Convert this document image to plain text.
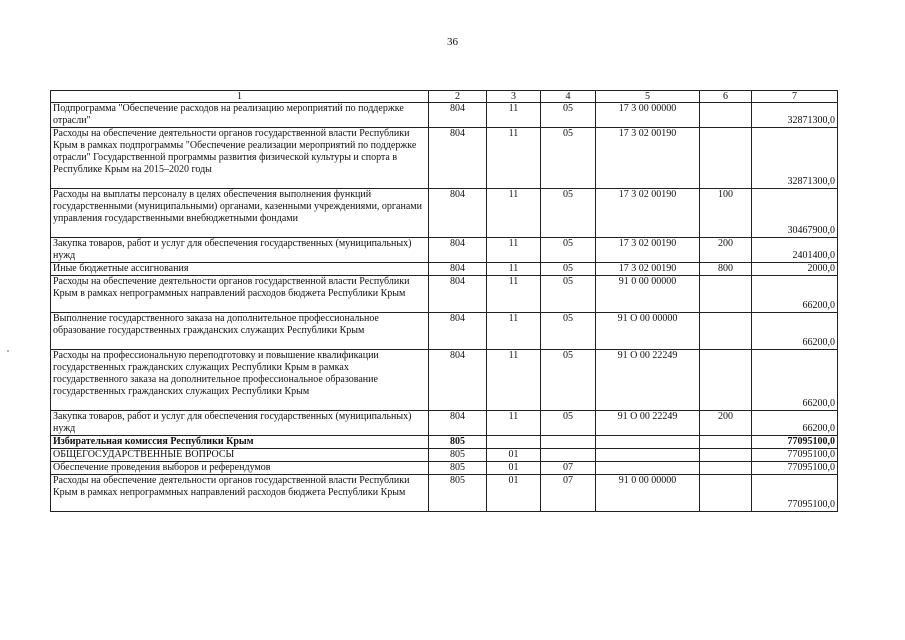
36
1	2	3	4	5	6	7
Подпрограмма "Обеспечение расходов на реализацию мероприятий по поддержке отрасли"	804	11	05	17 3 00 00000		32871300,0
Расходы на обеспечение деятельности органов государственной власти Республики Крым в рамках подпрограммы "Обеспечение реализации мероприятий по поддержке отрасли" Государственной программы развития физической культуры и спорта в Республике Крым на 2015–2020 годы	804	11	05	17 3 02 00190		32871300,0
Расходы на выплаты персоналу в целях обеспечения выполнения функций государственными (муниципальными) органами, казенными учреждениями, органами управления государственными внебюджетными фондами	804	11	05	17 3 02 00190	100	30467900,0
Закупка товаров, работ и услуг для обеспечения государственных (муниципальных) нужд	804	11	05	17 3 02 00190	200	2401400,0
Иные бюджетные ассигнования	804	11	05	17 3 02 00190	800	2000,0
Расходы на обеспечение деятельности органов государственной власти Республики Крым в рамках непрограммных направлений расходов бюджета Республики Крым	804	11	05	91 0 00 00000		66200,0
Выполнение государственного заказа на дополнительное профессиональное образование государственных гражданских служащих Республики Крым	804	11	05	91 О 00 00000		66200,0
Расходы на профессиональную переподготовку и повышение квалификации государственных гражданских служащих Республики Крым в рамках государственного заказа на дополнительное профессиональное образование государственных гражданских служащих Республики Крым	804	11	05	91 О 00 22249		66200,0
Закупка товаров, работ и услуг для обеспечения государственных (муниципальных) нужд	804	11	05	91 О 00 22249	200	66200,0
Избирательная комиссия Республики Крым	805					77095100,0
ОБЩЕГОСУДАРСТВЕННЫЕ ВОПРОСЫ	805	01				77095100,0
Обеспечение проведения выборов и референдумов	805	01	07			77095100,0
Расходы на обеспечение деятельности органов государственной власти Республики Крым в рамках непрограммных направлений расходов бюджета Республики Крым	805	01	07	91 0 00 00000		77095100,0
